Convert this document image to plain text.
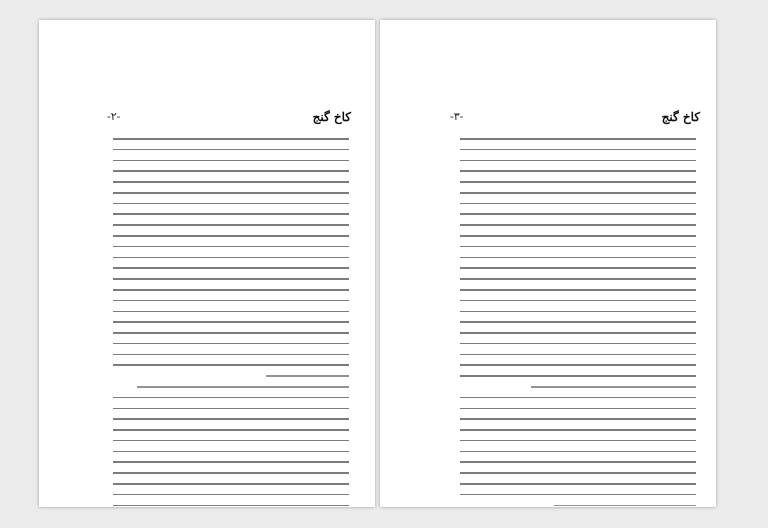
-۲-	کاخ گنج	-۳-	کاخ گنج
